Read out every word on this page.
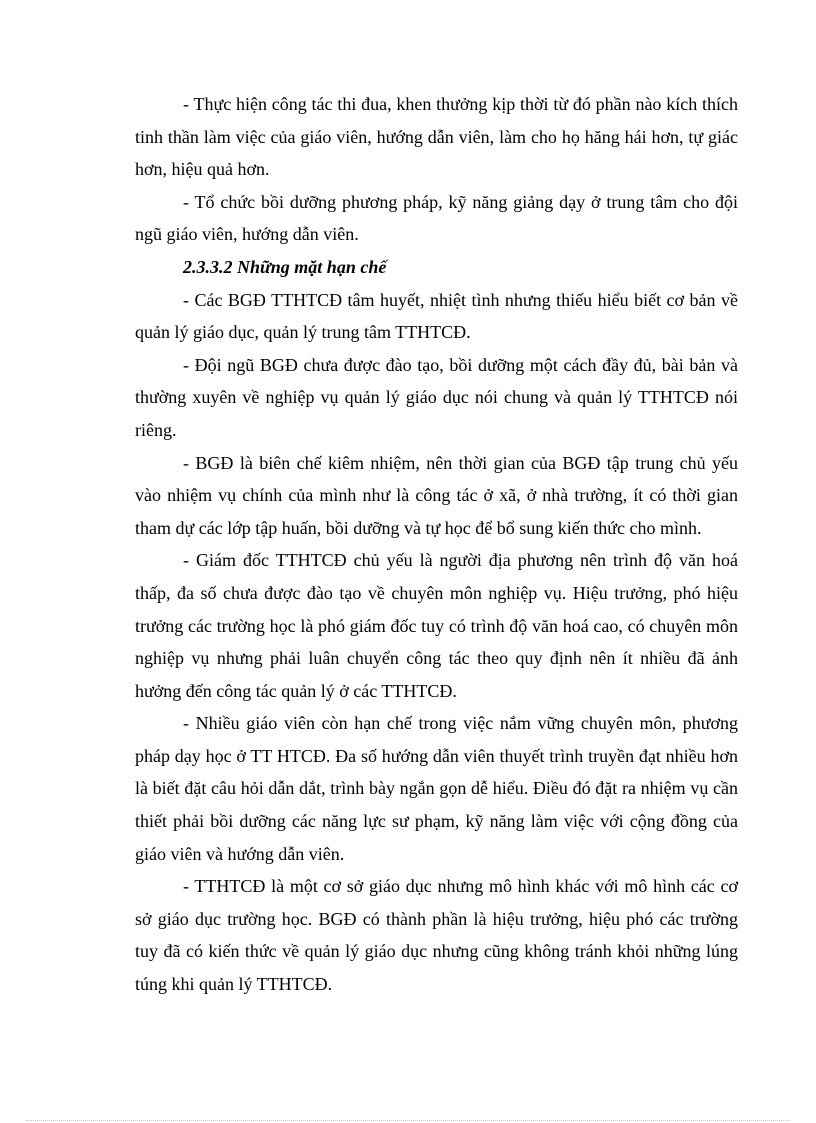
- Thực hiện công tác thi đua, khen thưởng kịp thời từ đó phần nào kích thích tinh thần làm việc của giáo viên, hướng dẫn viên, làm cho họ hăng hái hơn, tự giác hơn, hiệu quả hơn.

- Tổ chức bồi dưỡng phương pháp, kỹ năng giảng dạy ở trung tâm cho đội ngũ giáo viên, hướng dẫn viên.

2.3.3.2 Những mặt hạn chế

- Các BGĐ TTHTCĐ tâm huyết, nhiệt tình nhưng thiếu hiểu biết cơ bản về quản lý giáo dục, quản lý trung tâm TTHTCĐ.

- Đội ngũ BGĐ chưa được đào tạo, bồi dưỡng một cách đầy đủ, bài bản và thường xuyên về nghiệp vụ quản lý giáo dục nói chung và quản lý TTHTCĐ nói riêng.

- BGĐ là biên chế kiêm nhiệm, nên thời gian của BGĐ tập trung chủ yếu vào nhiệm vụ chính của mình như là công tác ở xã, ở nhà trường, ít có thời gian tham dự các lớp tập huấn, bồi dưỡng và tự học để bổ sung kiến thức cho mình.

- Giám đốc TTHTCĐ chủ yếu là người địa phương nên trình độ văn hoá thấp, đa số chưa được đào tạo về chuyên môn nghiệp vụ. Hiệu trưởng, phó hiệu trưởng các trường học là phó giám đốc tuy có trình độ văn hoá cao, có chuyên môn nghiệp vụ nhưng phải luân chuyển công tác theo quy định nên ít nhiều đã ảnh hưởng đến công tác quản lý ở các TTHTCĐ.

- Nhiều giáo viên còn hạn chế trong việc nắm vững chuyên môn, phương pháp dạy học ở TT HTCĐ. Đa số hướng dẫn viên thuyết trình truyền đạt nhiều hơn là biết đặt câu hỏi dẫn dắt, trình bày ngắn gọn dễ hiểu. Điều đó đặt ra nhiệm vụ cần thiết phải bồi dưỡng các năng lực sư phạm, kỹ năng làm việc với cộng đồng của giáo viên và hướng dẫn viên.

- TTHTCĐ là một cơ sở giáo dục nhưng mô hình khác với mô hình các cơ sở giáo dục trường học. BGĐ có thành phần là hiệu trưởng, hiệu phó các trường tuy đã có kiến thức về quản lý giáo dục nhưng cũng không tránh khỏi những lúng túng khi quản lý TTHTCĐ.
